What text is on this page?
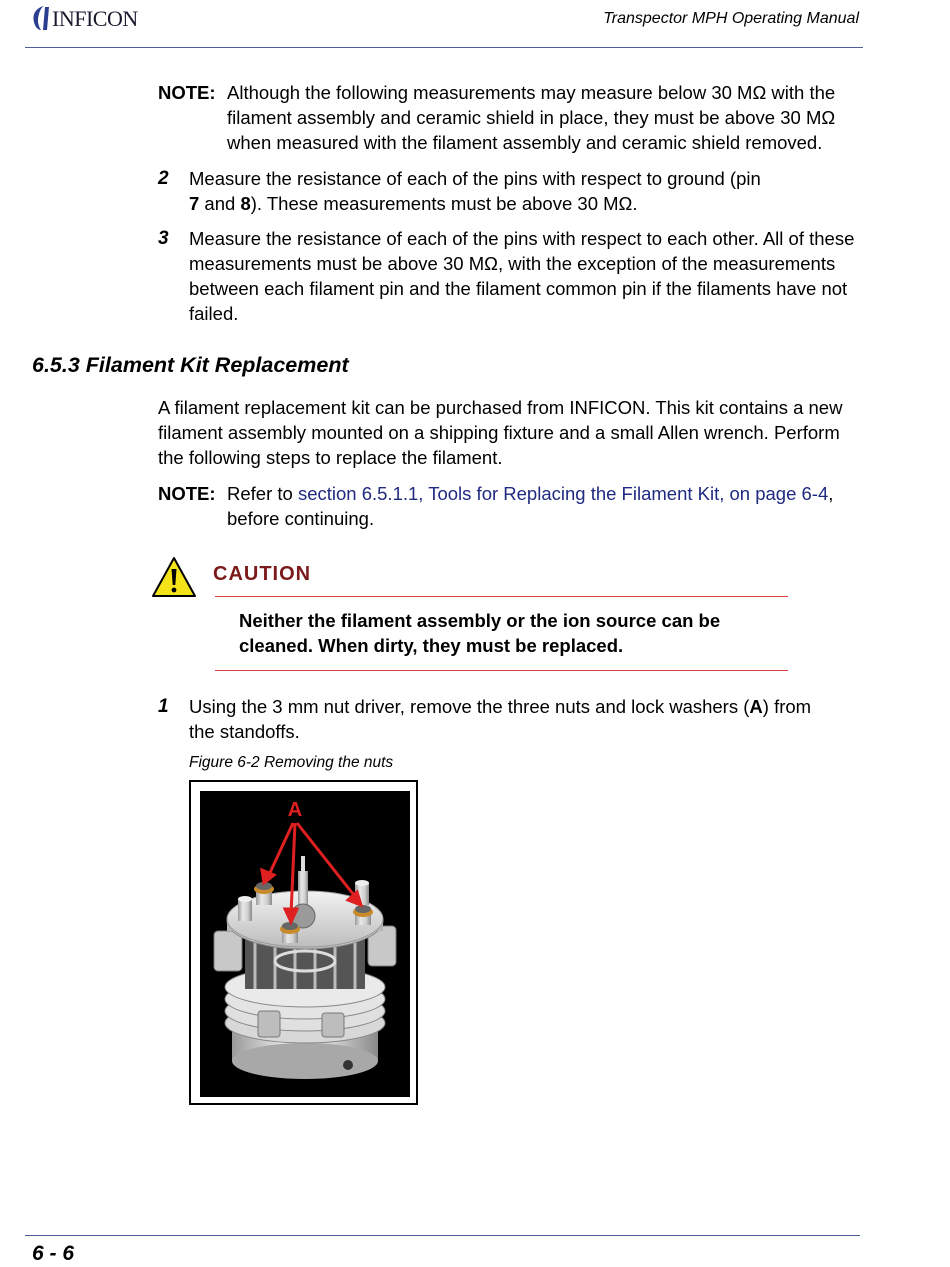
INFICON	Transpector MPH Operating Manual
NOTE: Although the following measurements may measure below 30 MΩ with the filament assembly and ceramic shield in place, they must be above 30 MΩ when measured with the filament assembly and ceramic shield removed.
2 Measure the resistance of each of the pins with respect to ground (pin 7 and 8). These measurements must be above 30 MΩ.
3 Measure the resistance of each of the pins with respect to each other. All of these measurements must be above 30 MΩ, with the exception of the measurements between each filament pin and the filament common pin if the filaments have not failed.
6.5.3 Filament Kit Replacement
A filament replacement kit can be purchased from INFICON. This kit contains a new filament assembly mounted on a shipping fixture and a small Allen wrench. Perform the following steps to replace the filament.
NOTE: Refer to section 6.5.1.1, Tools for Replacing the Filament Kit, on page 6-4, before continuing.
CAUTION
Neither the filament assembly or the ion source can be cleaned. When dirty, they must be replaced.
1 Using the 3 mm nut driver, remove the three nuts and lock washers (A) from the standoffs.
Figure 6-2 Removing the nuts
A
6 - 6
